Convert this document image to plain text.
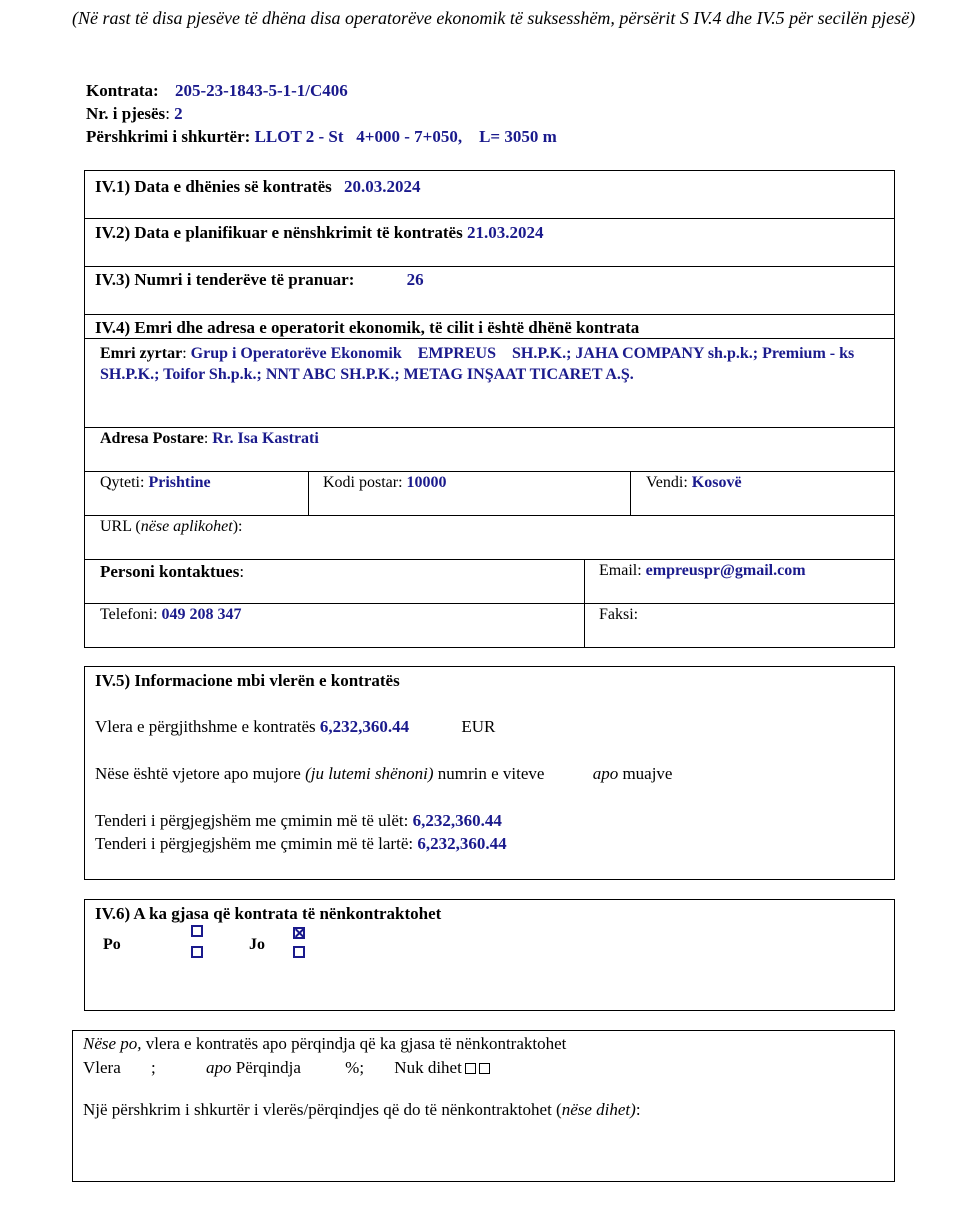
(Në rast të disa pjesëve të dhëna disa operatorëve ekonomik të suksesshëm, përsërit S IV.4 dhe IV.5 për secilën pjesë)
Kontrata: 205-23-1843-5-1-1/C406
Nr. i pjesës: 2
Përshkrimi i shkurtër: LLOT 2 - St   4+000 - 7+050,    L= 3050 m
IV.1) Data e dhënies së kontratës 20.03.2024
IV.2) Data e planifikuar e nënshkrimit të kontratës 21.03.2024
IV.3) Numri i tenderëve të pranuar:	26
IV.4) Emri dhe adresa e operatorit ekonomik, të cilit i është dhënë kontrata
Emri zyrtar: Grup i Operatorëve Ekonomik    EMPREUS    SH.P.K.; JAHA COMPANY sh.p.k.; Premium - ks SH.P.K.; Toifor Sh.p.k.; NNT ABC SH.P.K.; METAG INŞAAT TICARET A.Ş.
Adresa Postare: Rr. Isa Kastrati
Qyteti: Prishtine	Kodi postar: 10000	Vendi: Kosovë
URL (nëse aplikohet):
Personi kontaktues:	Email: empreuspr@gmail.com
Telefoni: 049 208 347	Faksi:
IV.5) Informacione mbi vlerën e kontratës
Vlera e përgjithshme e kontratës 6,232,360.44	EUR
Nëse është vjetore apo mujore (ju lutemi shënoni) numrin e viteve	apo muajve
Tenderi i përgjegjshëm me çmimin më të ulët: 6,232,360.44
Tenderi i përgjegjshëm me çmimin më të lartë: 6,232,360.44
IV.6) A ka gjasa që kontrata të nënkontraktohet
Po	Jo
Nëse po, vlera e kontratës apo përqindja që ka gjasa të nënkontraktohet
Vlera ;	apo Përqindja	%; Nuk dihet
Një përshkrim i shkurtër i vlerës/përqindjes që do të nënkontraktohet (nëse dihet):
